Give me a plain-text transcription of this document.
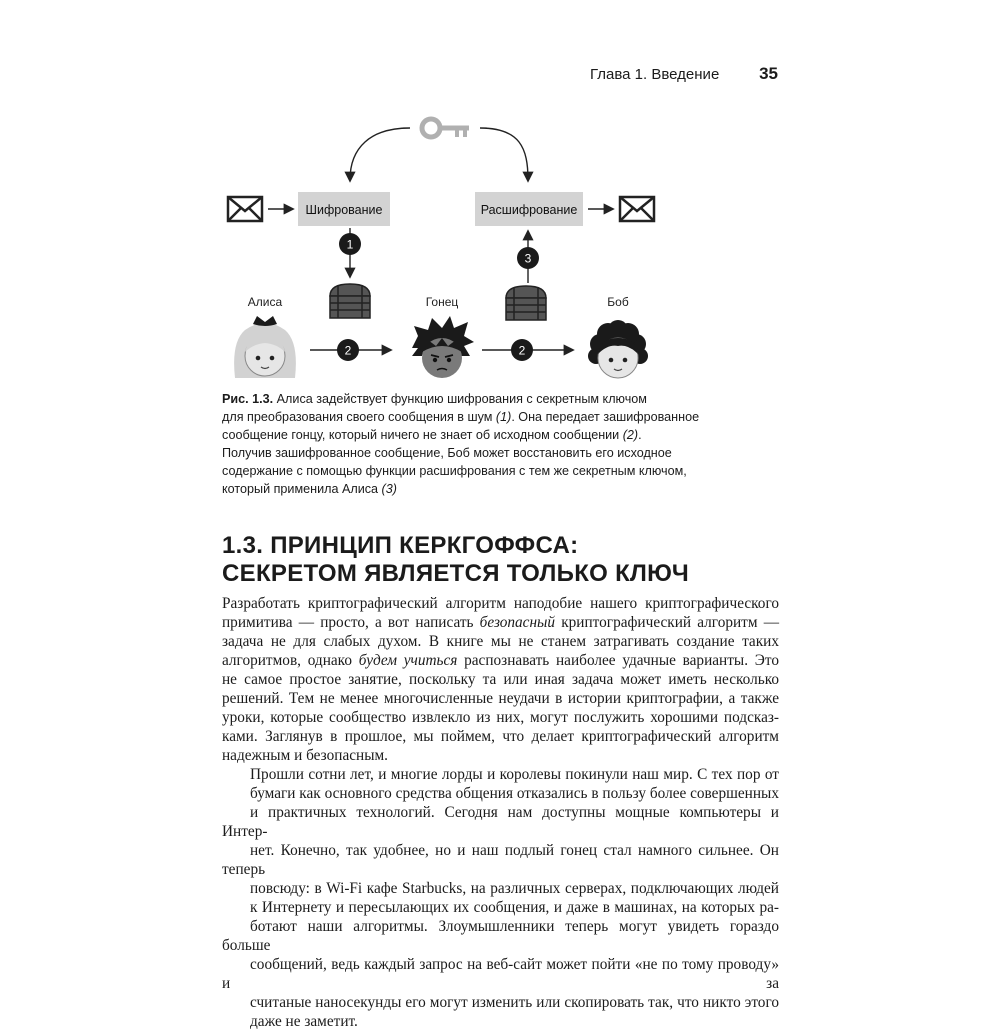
Глава 1. Введение 35
Шифрование	Расшифрование
1
3
Алиса	Гонец	Боб
2	2

Рис. 1.3. Алиса задействует функцию шифрования с секретным ключом

для преобразования своего сообщения в шум (1). Она передает зашифрованное

сообщение гонцу, который ничего не знает об исходном сообщении (2).

Получив зашифрованное сообщение, Боб может восстановить его исходное

содержание с помощью функции расшифрования с тем же секретным ключом,

который применила Алиса (3)

1.3. ПРИНЦИП КЕРКГОФФСА:
СЕКРЕТОМ ЯВЛЯЕТСЯ ТОЛЬКО КЛЮЧ

Разработать криптографический алгоритм наподобие нашего криптографического
примитива — просто, а вот написать безопасный криптографический алгоритм —
задача не для слабых духом. В книге мы не станем затрагивать создание таких
алгоритмов, однако будем учиться распознавать наиболее удачные варианты. Это
не самое простое занятие, поскольку та или иная задача может иметь несколько
решений. Тем не менее многочисленные неудачи в истории криптографии, а также
уроки, которые сообщество извлекло из них, могут послужить хорошими подсказ-
ками. Заглянув в прошлое, мы поймем, что делает криптографический алгоритм
надежным и безопасным.

Прошли сотни лет, и многие лорды и королевы покинули наш мир. С тех пор от
бумаги как основного средства общения отказались в пользу более совершенных
и практичных технологий. Сегодня нам доступны мощные компьютеры и Интер-
нет. Конечно, так удобнее, но и наш подлый гонец стал намного сильнее. Он теперь
повсюду: в Wi-Fi кафе Starbucks, на различных серверах, подключающих людей
к Интернету и пересылающих их сообщения, и даже в машинах, на которых ра-
ботают наши алгоритмы. Злоумышленники теперь могут увидеть гораздо больше
сообщений, ведь каждый запрос на веб-сайт может пойти «не по тому проводу» и за
считаные наносекунды его могут изменить или скопировать так, что никто этого
даже не заметит.
